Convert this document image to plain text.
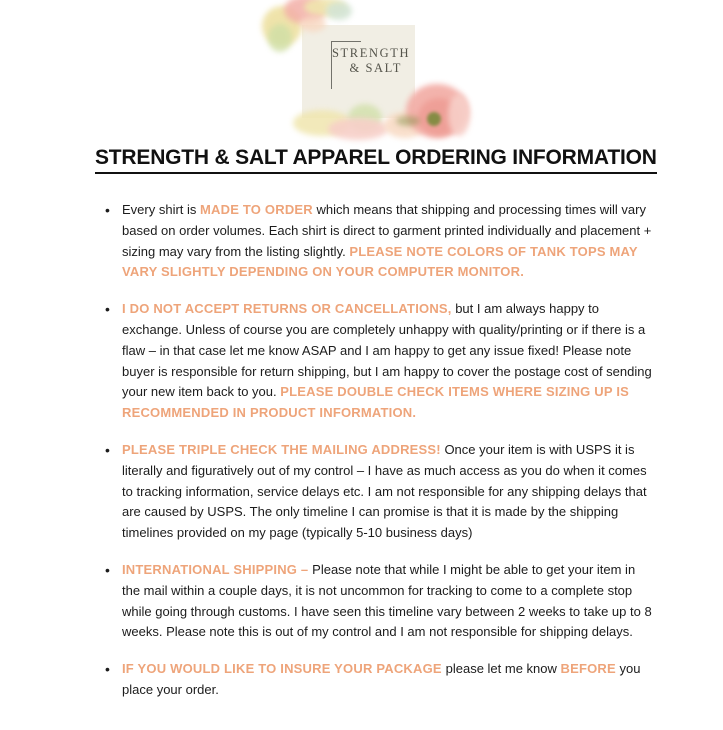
STRENGTH
& SALT
STRENGTH & SALT APPAREL ORDERING INFORMATION
• Every shirt is MADE TO ORDER which means that shipping and processing times will vary based on order volumes. Each shirt is direct to garment printed individually and placement + sizing may vary from the listing slightly. PLEASE NOTE COLORS OF TANK TOPS MAY VARY SLIGHTLY DEPENDING ON YOUR COMPUTER MONITOR.
• I DO NOT ACCEPT RETURNS OR CANCELLATIONS, but I am always happy to exchange. Unless of course you are completely unhappy with quality/printing or if there is a flaw – in that case let me know ASAP and I am happy to get any issue fixed! Please note buyer is responsible for return shipping, but I am happy to cover the postage cost of sending your new item back to you. PLEASE DOUBLE CHECK ITEMS WHERE SIZING UP IS RECOMMENDED IN PRODUCT INFORMATION.
• PLEASE TRIPLE CHECK THE MAILING ADDRESS! Once your item is with USPS it is literally and figuratively out of my control – I have as much access as you do when it comes to tracking information, service delays etc. I am not responsible for any shipping delays that are caused by USPS. The only timeline I can promise is that it is made by the shipping timelines provided on my page (typically 5-10 business days)
• INTERNATIONAL SHIPPING – Please note that while I might be able to get your item in the mail within a couple days, it is not uncommon for tracking to come to a complete stop while going through customs. I have seen this timeline vary between 2 weeks to take up to 8 weeks. Please note this is out of my control and I am not responsible for shipping delays.
• IF YOU WOULD LIKE TO INSURE YOUR PACKAGE please let me know BEFORE you place your order.
